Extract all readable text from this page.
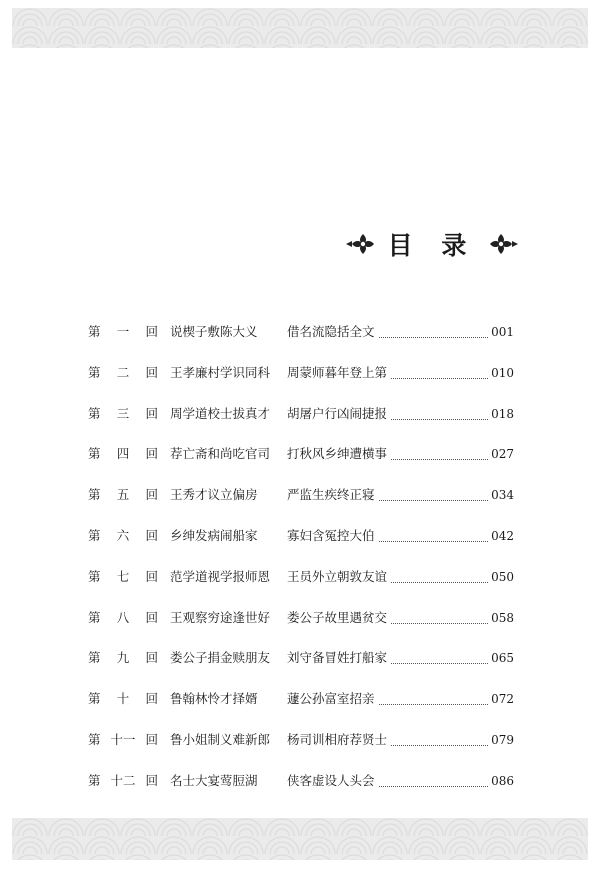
目 录
第 一 回 说楔子敷陈大义 借名流隐括全文	001
第 二 回 王孝廉村学识同科 周蒙师暮年登上第	010
第 三 回 周学道校士拔真才 胡屠户行凶闹捷报	018
第 四 回 荐亡斋和尚吃官司 打秋风乡绅遭横事	027
第 五 回 王秀才议立偏房 严监生疾终正寝	034
第 六 回 乡绅发病闹船家 寡妇含冤控大伯	042
第 七 回 范学道视学报师恩 王员外立朝敦友谊	050
第 八 回 王观察穷途逢世好 娄公子故里遇贫交	058
第 九 回 娄公子捐金赎朋友 刘守备冒姓打船家	065
第 十 回 鲁翰林怜才择婿 蘧公孙富室招亲	072
第 十一 回 鲁小姐制义难新郎 杨司训相府荐贤士	079
第 十二 回 名士大宴莺脰湖 侠客虚设人头会	086
